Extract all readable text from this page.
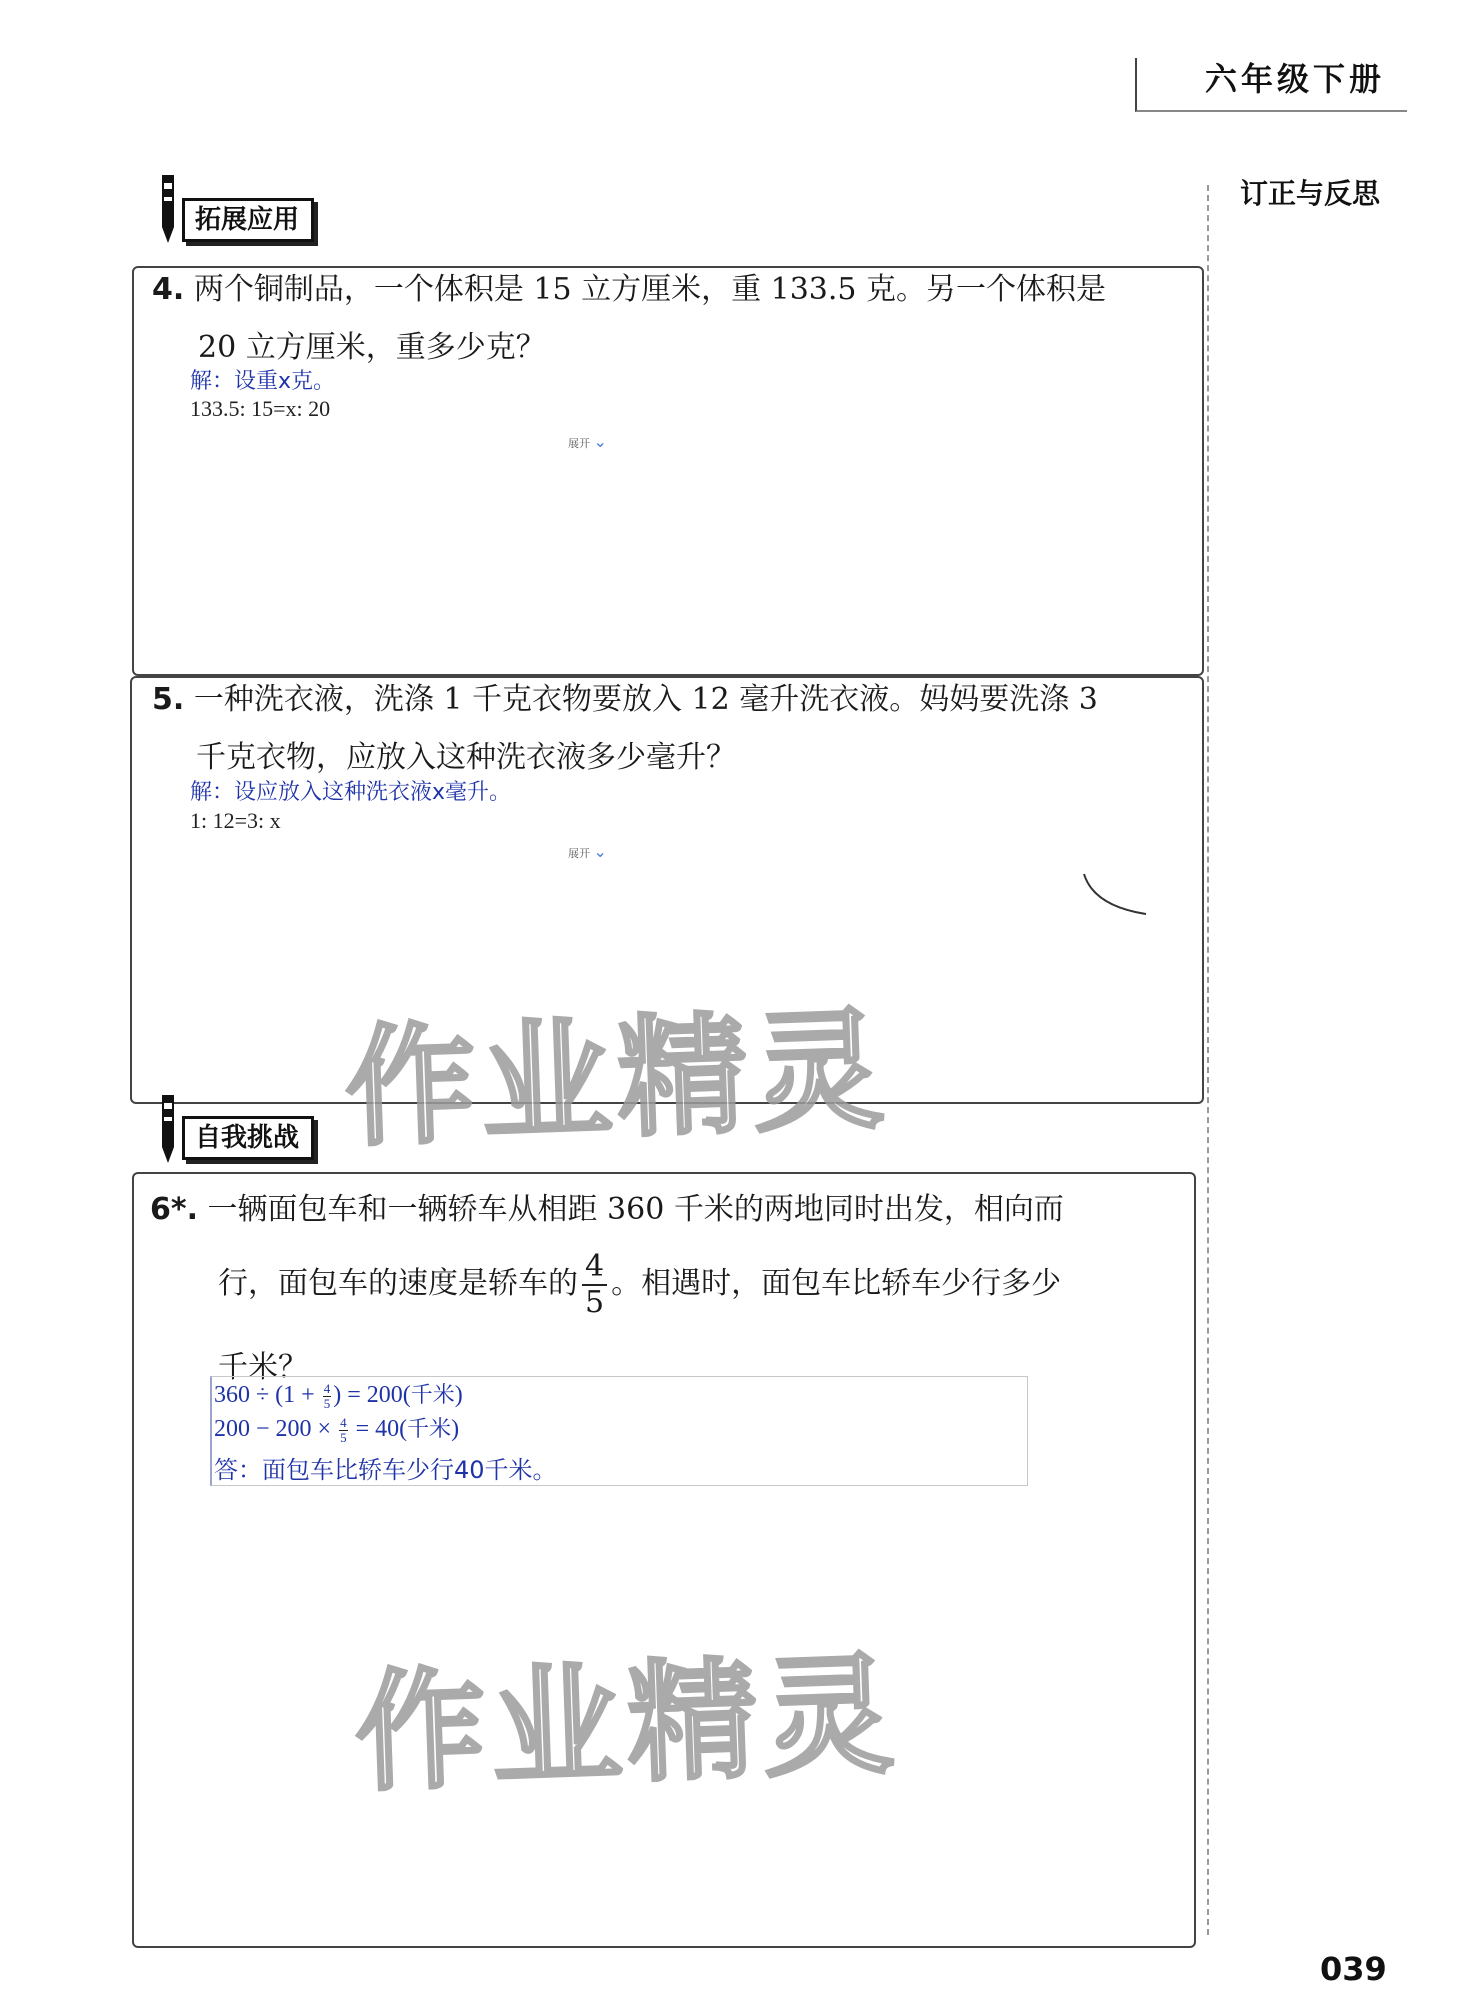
六年级下册
订正与反思
拓展应用
4. 两个铜制品，一个体积是 15 立方厘米，重 133.5 克。另一个体积是
20 立方厘米，重多少克？
解：设重x克。
133.5: 15=x: 20
展开 ⌄
5. 一种洗衣液，洗涤 1 千克衣物要放入 12 毫升洗衣液。妈妈要洗涤 3
千克衣物，应放入这种洗衣液多少毫升？
解：设应放入这种洗衣液x毫升。
1: 12=3: x
展开 ⌄
作业精灵
自我挑战
6*. 一辆面包车和一辆轿车从相距 360 千米的两地同时出发，相向而
行，面包车的速度是轿车的 $\frac{4}{5}$ 。相遇时，面包车比轿车少行多少
千米？
$360 \div (1 + \frac{4}{5}$ ) = 200(千米)
$200 - 200 \times \frac{4}{5} = 40$(千米)
答：面包车比轿车少行40千米。
作业精灵
039
